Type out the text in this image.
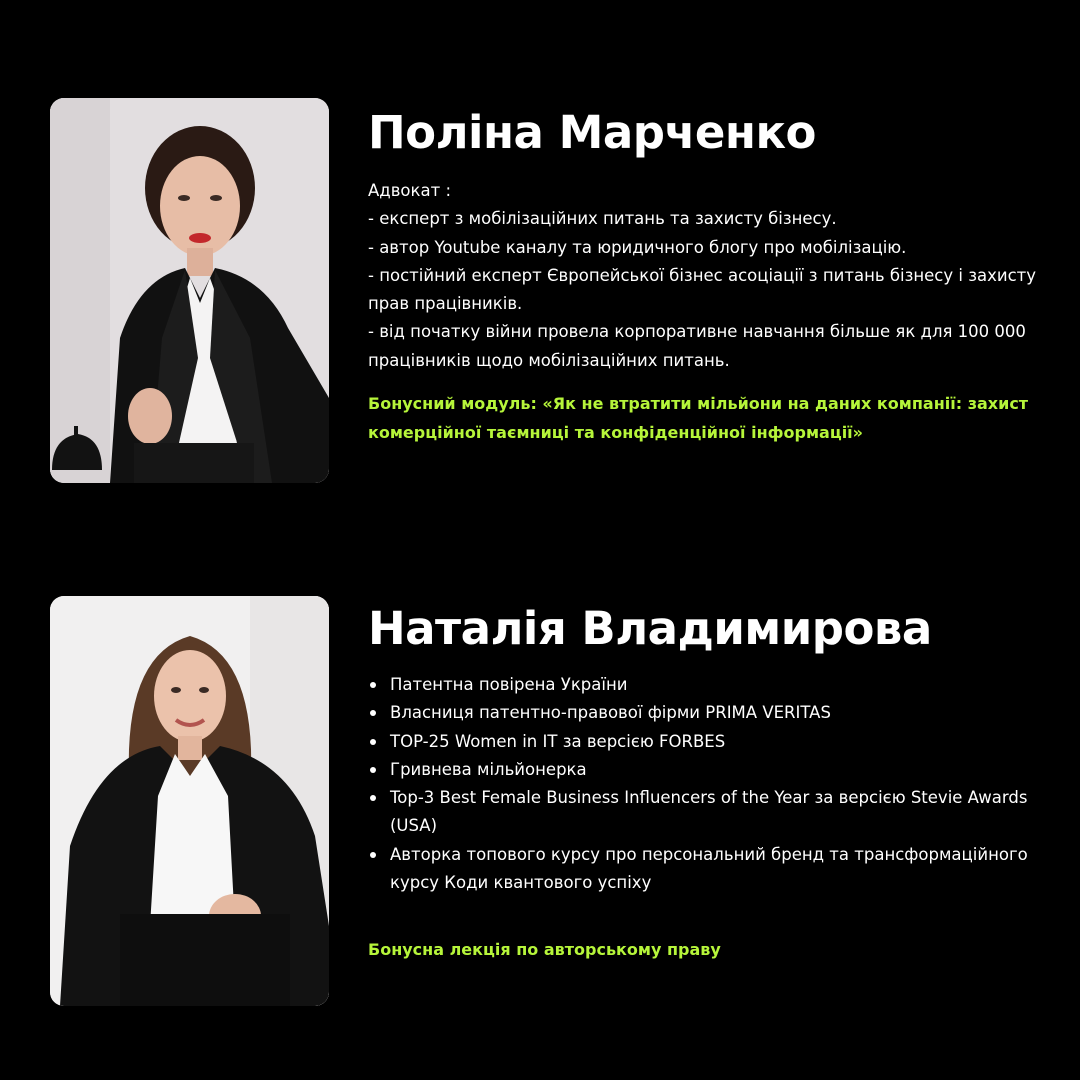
Поліна Марченко
Адвокат :
- експерт з мобілізаційних питань та захисту бізнесу.
- автор Youtube каналу та юридичного блогу про мобілізацію.
- постійний експерт Європейської бізнес асоціації з питань бізнесу і захисту прав працівників.
- від початку війни провела корпоративне навчання більше як для 100 000 працівників щодо мобілізаційних питань.
Бонусний модуль: «Як не втратити мільйони на даних компанії: захист комерційної таємниці та конфіденційної інформації»
Наталія Владимирова
Патентна повірена України
Власниця патентно-правової фірми PRIMA VERITAS
TOP-25 Women in IT за версією FORBES
Гривнева мільйонерка
Top-3 Best Female Business Influencers of the Year за версією Stevie Awards (USA)
Авторка топового курсу про персональний бренд та трансформаційного курсу Коди квантового успіху
Бонусна лекція по авторському праву
